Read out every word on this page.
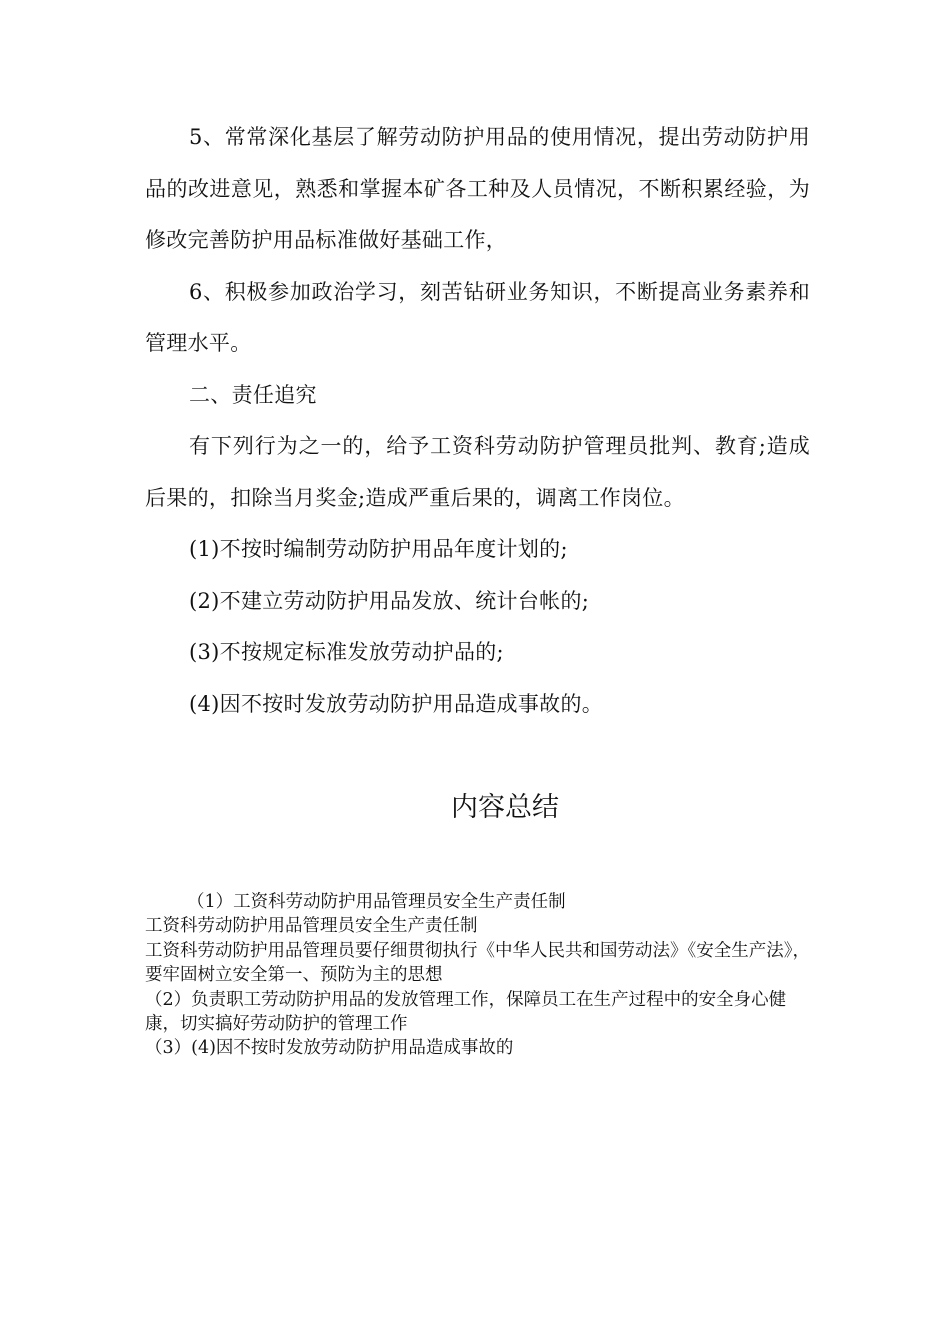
5、常常深化基层了解劳动防护用品的使用情况，提出劳动防护用品的改进意见，熟悉和掌握本矿各工种及人员情况，不断积累经验，为修改完善防护用品标准做好基础工作，

6、积极参加政治学习，刻苦钻研业务知识，不断提高业务素养和管理水平。

二、责任追究

有下列行为之一的，给予工资科劳动防护管理员批判、教育;造成后果的，扣除当月奖金;造成严重后果的，调离工作岗位。

(1)不按时编制劳动防护用品年度计划的;

(2)不建立劳动防护用品发放、统计台帐的;

(3)不按规定标准发放劳动护品的;

(4)因不按时发放劳动防护用品造成事故的。

内容总结

（1）工资科劳动防护用品管理员安全生产责任制

工资科劳动防护用品管理员安全生产责任制

工资科劳动防护用品管理员要仔细贯彻执行《中华人民共和国劳动法》《安全生产法》，要牢固树立安全第一、预防为主的思想

（2）负责职工劳动防护用品的发放管理工作，保障员工在生产过程中的安全身心健康，切实搞好劳动防护的管理工作

（3）(4)因不按时发放劳动防护用品造成事故的
